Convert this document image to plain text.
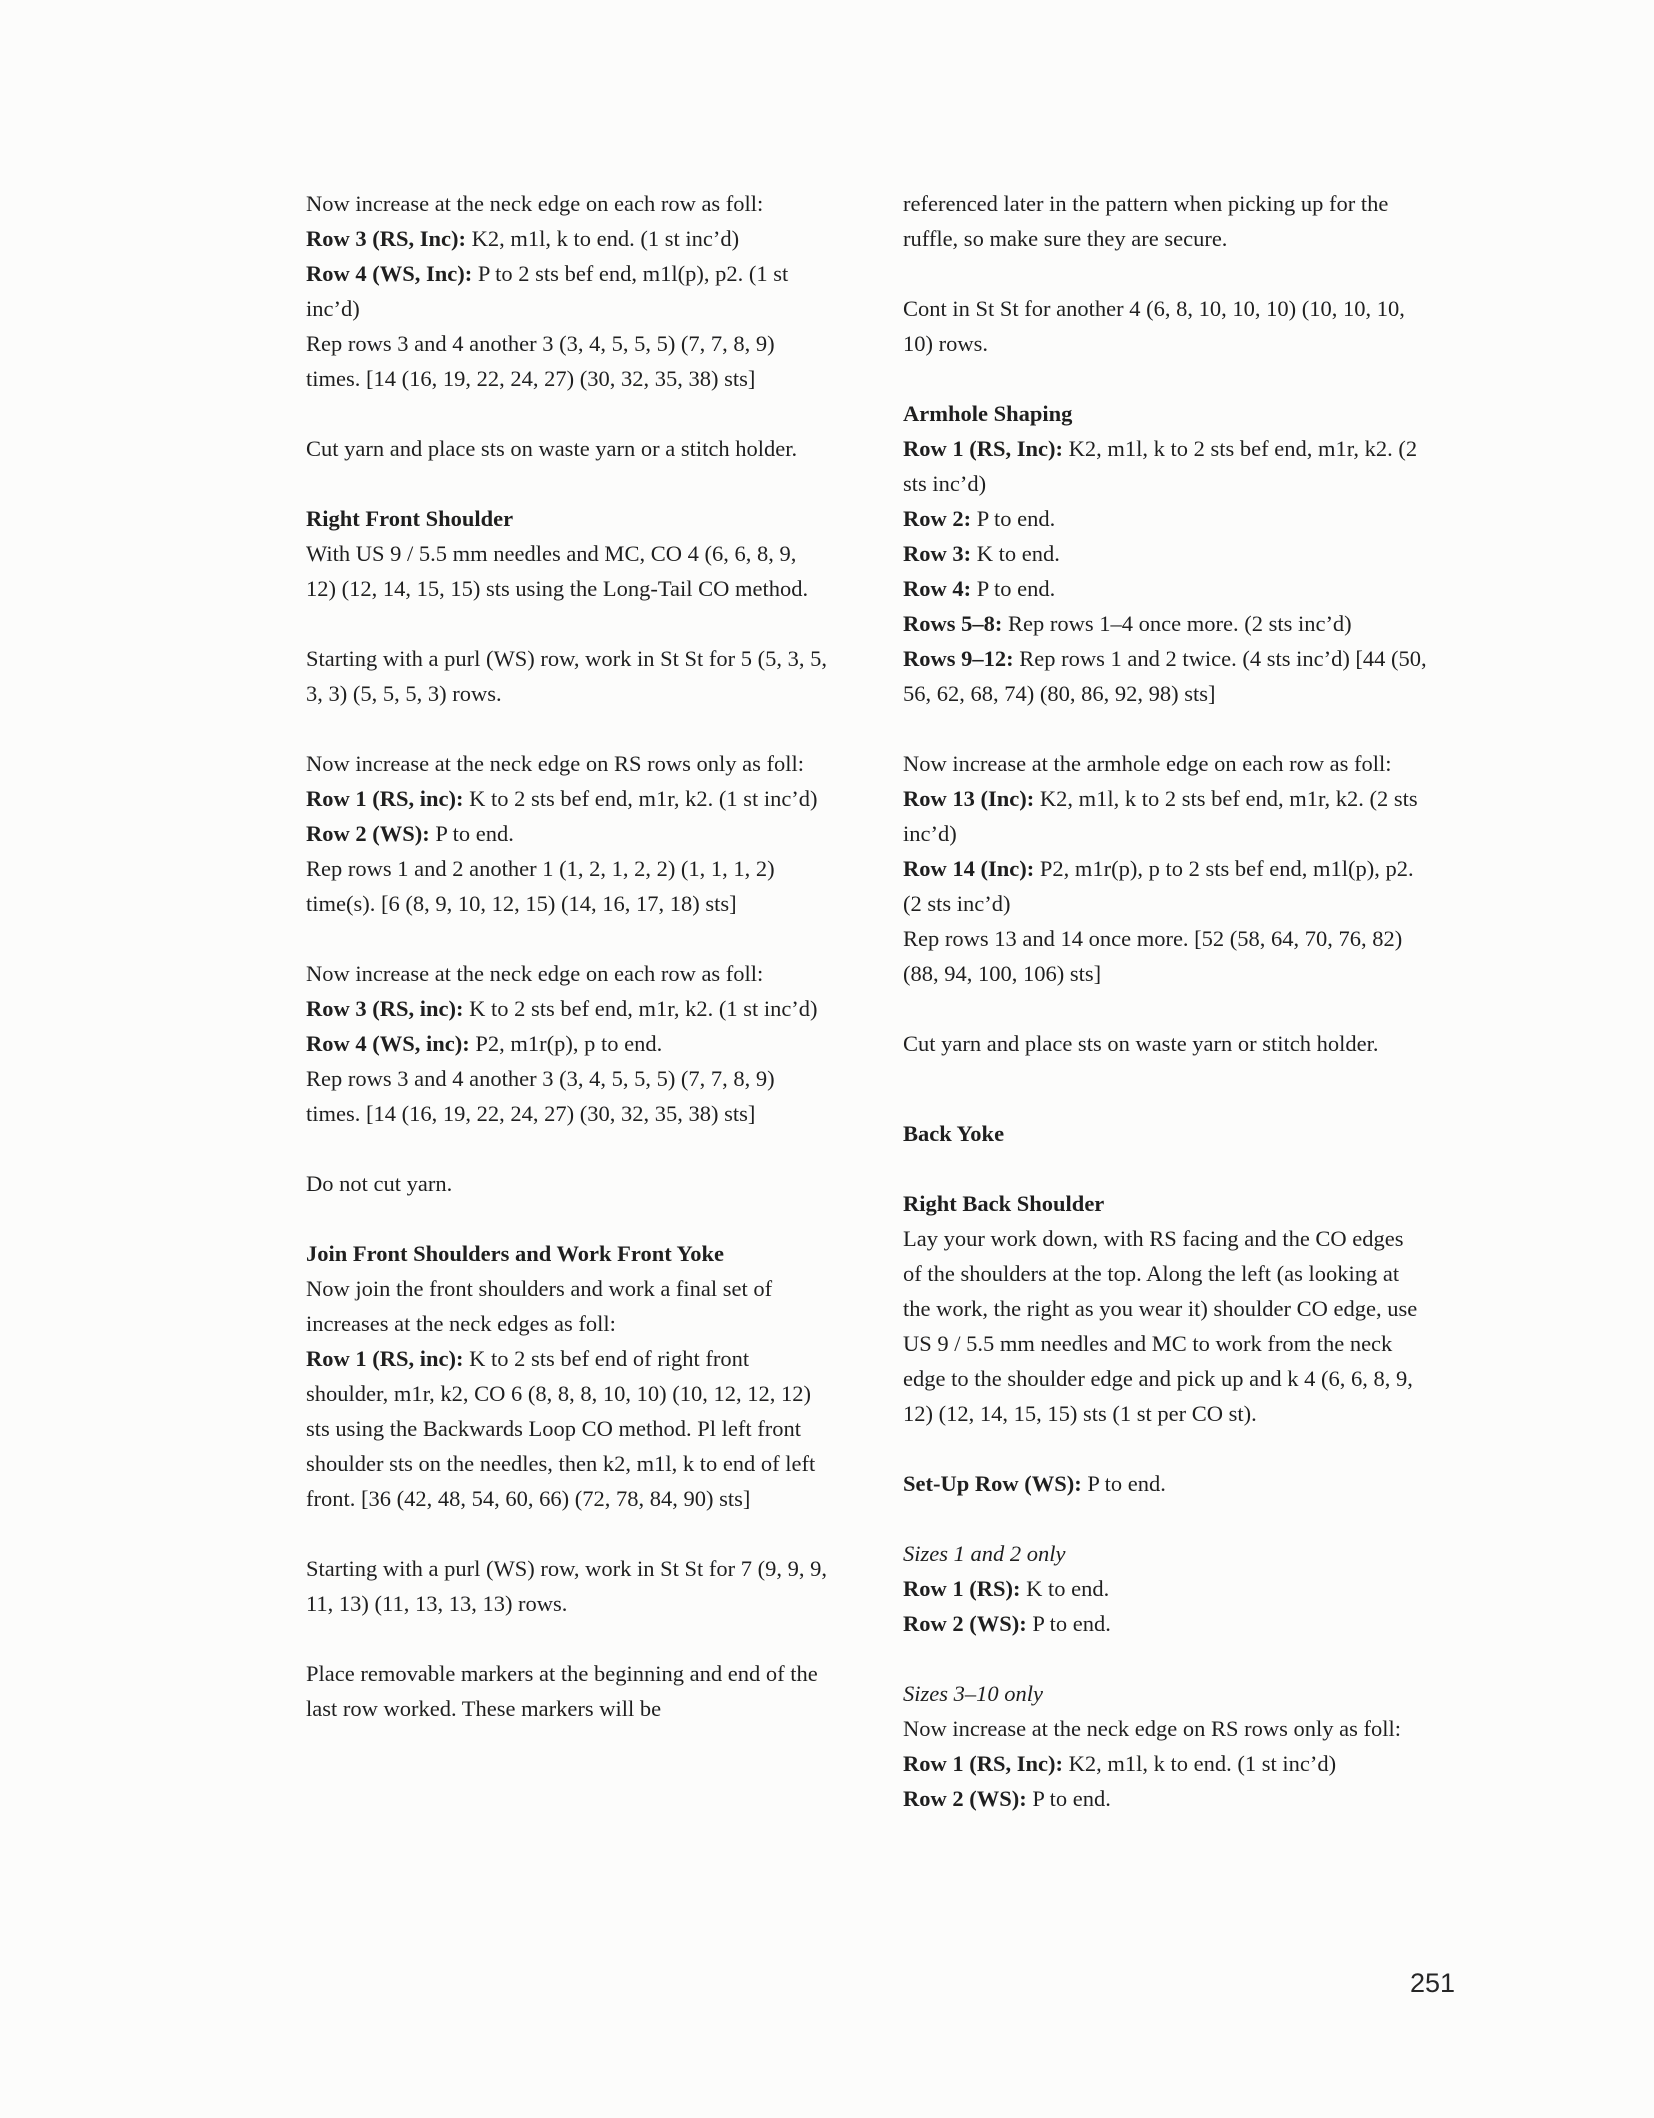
Now increase at the neck edge on each row as foll:
Row 3 (RS, Inc): K2, m1l, k to end. (1 st inc’d)
Row 4 (WS, Inc): P to 2 sts bef end, m1l(p), p2. (1 st inc’d)
Rep rows 3 and 4 another 3 (3, 4, 5, 5, 5) (7, 7, 8, 9) times. [14 (16, 19, 22, 24, 27) (30, 32, 35, 38) sts]
Cut yarn and place sts on waste yarn or a stitch holder.
Right Front Shoulder
With US 9 / 5.5 mm needles and MC, CO 4 (6, 6, 8, 9, 12) (12, 14, 15, 15) sts using the Long-Tail CO method.
Starting with a purl (WS) row, work in St St for 5 (5, 3, 5, 3, 3) (5, 5, 5, 3) rows.
Now increase at the neck edge on RS rows only as foll:
Row 1 (RS, inc): K to 2 sts bef end, m1r, k2. (1 st inc’d)
Row 2 (WS): P to end.
Rep rows 1 and 2 another 1 (1, 2, 1, 2, 2) (1, 1, 1, 2) time(s). [6 (8, 9, 10, 12, 15) (14, 16, 17, 18) sts]
Now increase at the neck edge on each row as foll:
Row 3 (RS, inc): K to 2 sts bef end, m1r, k2. (1 st inc’d)
Row 4 (WS, inc): P2, m1r(p), p to end.
Rep rows 3 and 4 another 3 (3, 4, 5, 5, 5) (7, 7, 8, 9) times. [14 (16, 19, 22, 24, 27) (30, 32, 35, 38) sts]
Do not cut yarn.
Join Front Shoulders and Work Front Yoke
Now join the front shoulders and work a final set of increases at the neck edges as foll:
Row 1 (RS, inc): K to 2 sts bef end of right front shoulder, m1r, k2, CO 6 (8, 8, 8, 10, 10) (10, 12, 12, 12) sts using the Backwards Loop CO method. Pl left front shoulder sts on the needles, then k2, m1l, k to end of left front. [36 (42, 48, 54, 60, 66) (72, 78, 84, 90) sts]
Starting with a purl (WS) row, work in St St for 7 (9, 9, 9, 11, 13) (11, 13, 13, 13) rows.
Place removable markers at the beginning and end of the last row worked. These markers will be
referenced later in the pattern when picking up for the ruffle, so make sure they are secure.
Cont in St St for another 4 (6, 8, 10, 10, 10) (10, 10, 10, 10) rows.
Armhole Shaping
Row 1 (RS, Inc): K2, m1l, k to 2 sts bef end, m1r, k2. (2 sts inc’d)
Row 2: P to end.
Row 3: K to end.
Row 4: P to end.
Rows 5–8: Rep rows 1–4 once more. (2 sts inc’d)
Rows 9–12: Rep rows 1 and 2 twice. (4 sts inc’d) [44 (50, 56, 62, 68, 74) (80, 86, 92, 98) sts]
Now increase at the armhole edge on each row as foll:
Row 13 (Inc): K2, m1l, k to 2 sts bef end, m1r, k2. (2 sts inc’d)
Row 14 (Inc): P2, m1r(p), p to 2 sts bef end, m1l(p), p2. (2 sts inc’d)
Rep rows 13 and 14 once more. [52 (58, 64, 70, 76, 82) (88, 94, 100, 106) sts]
Cut yarn and place sts on waste yarn or stitch holder.
Back Yoke
Right Back Shoulder
Lay your work down, with RS facing and the CO edges of the shoulders at the top. Along the left (as looking at the work, the right as you wear it) shoulder CO edge, use US 9 / 5.5 mm needles and MC to work from the neck edge to the shoulder edge and pick up and k 4 (6, 6, 8, 9, 12) (12, 14, 15, 15) sts (1 st per CO st).
Set-Up Row (WS): P to end.
Sizes 1 and 2 only
Row 1 (RS): K to end.
Row 2 (WS): P to end.
Sizes 3–10 only
Now increase at the neck edge on RS rows only as foll:
Row 1 (RS, Inc): K2, m1l, k to end. (1 st inc’d)
Row 2 (WS): P to end.
251
